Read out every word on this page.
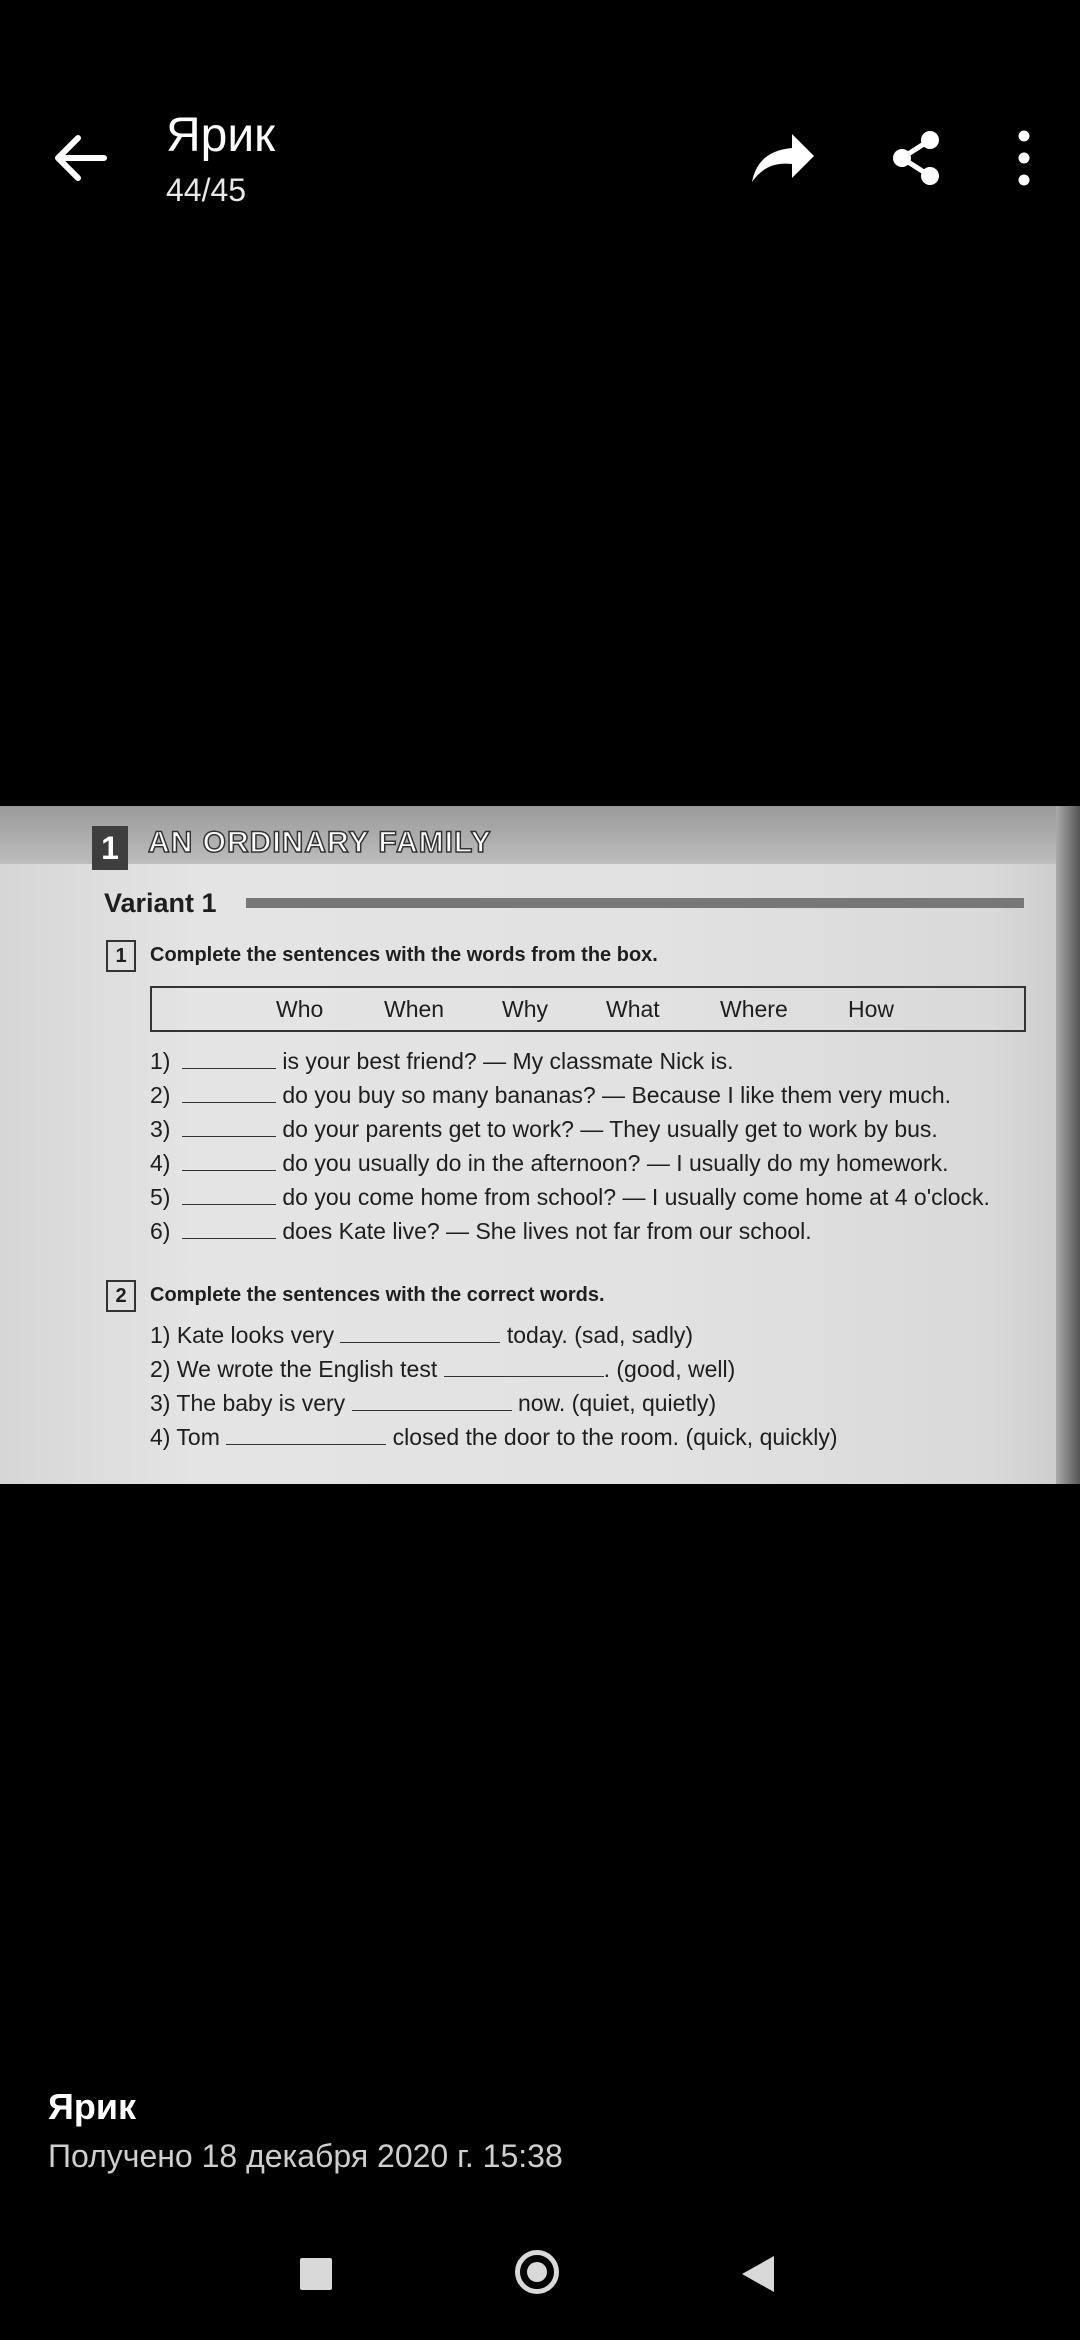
Ярик
44/45
1 AN ORDINARY FAMILY
Variant 1
1	Complete the sentences with the words from the box.
Who	When	Why	What	Where	How
1)	is your best friend? — My classmate Nick is.
2)	do you buy so many bananas? — Because I like them very much.
3)	do your parents get to work? — They usually get to work by bus.
4)	do you usually do in the afternoon? — I usually do my homework.
5)	do you come home from school? — I usually come home at 4 o'clock.
6)	does Kate live? — She lives not far from our school.
2	Complete the sentences with the correct words.
1) Kate looks very	today. (sad, sadly)
2) We wrote the English test	. (good, well)
3) The baby is very	now. (quiet, quietly)
4) Tom	closed the door to the room. (quick, quickly)
Ярик
Получено 18 декабря 2020 г. 15:38
